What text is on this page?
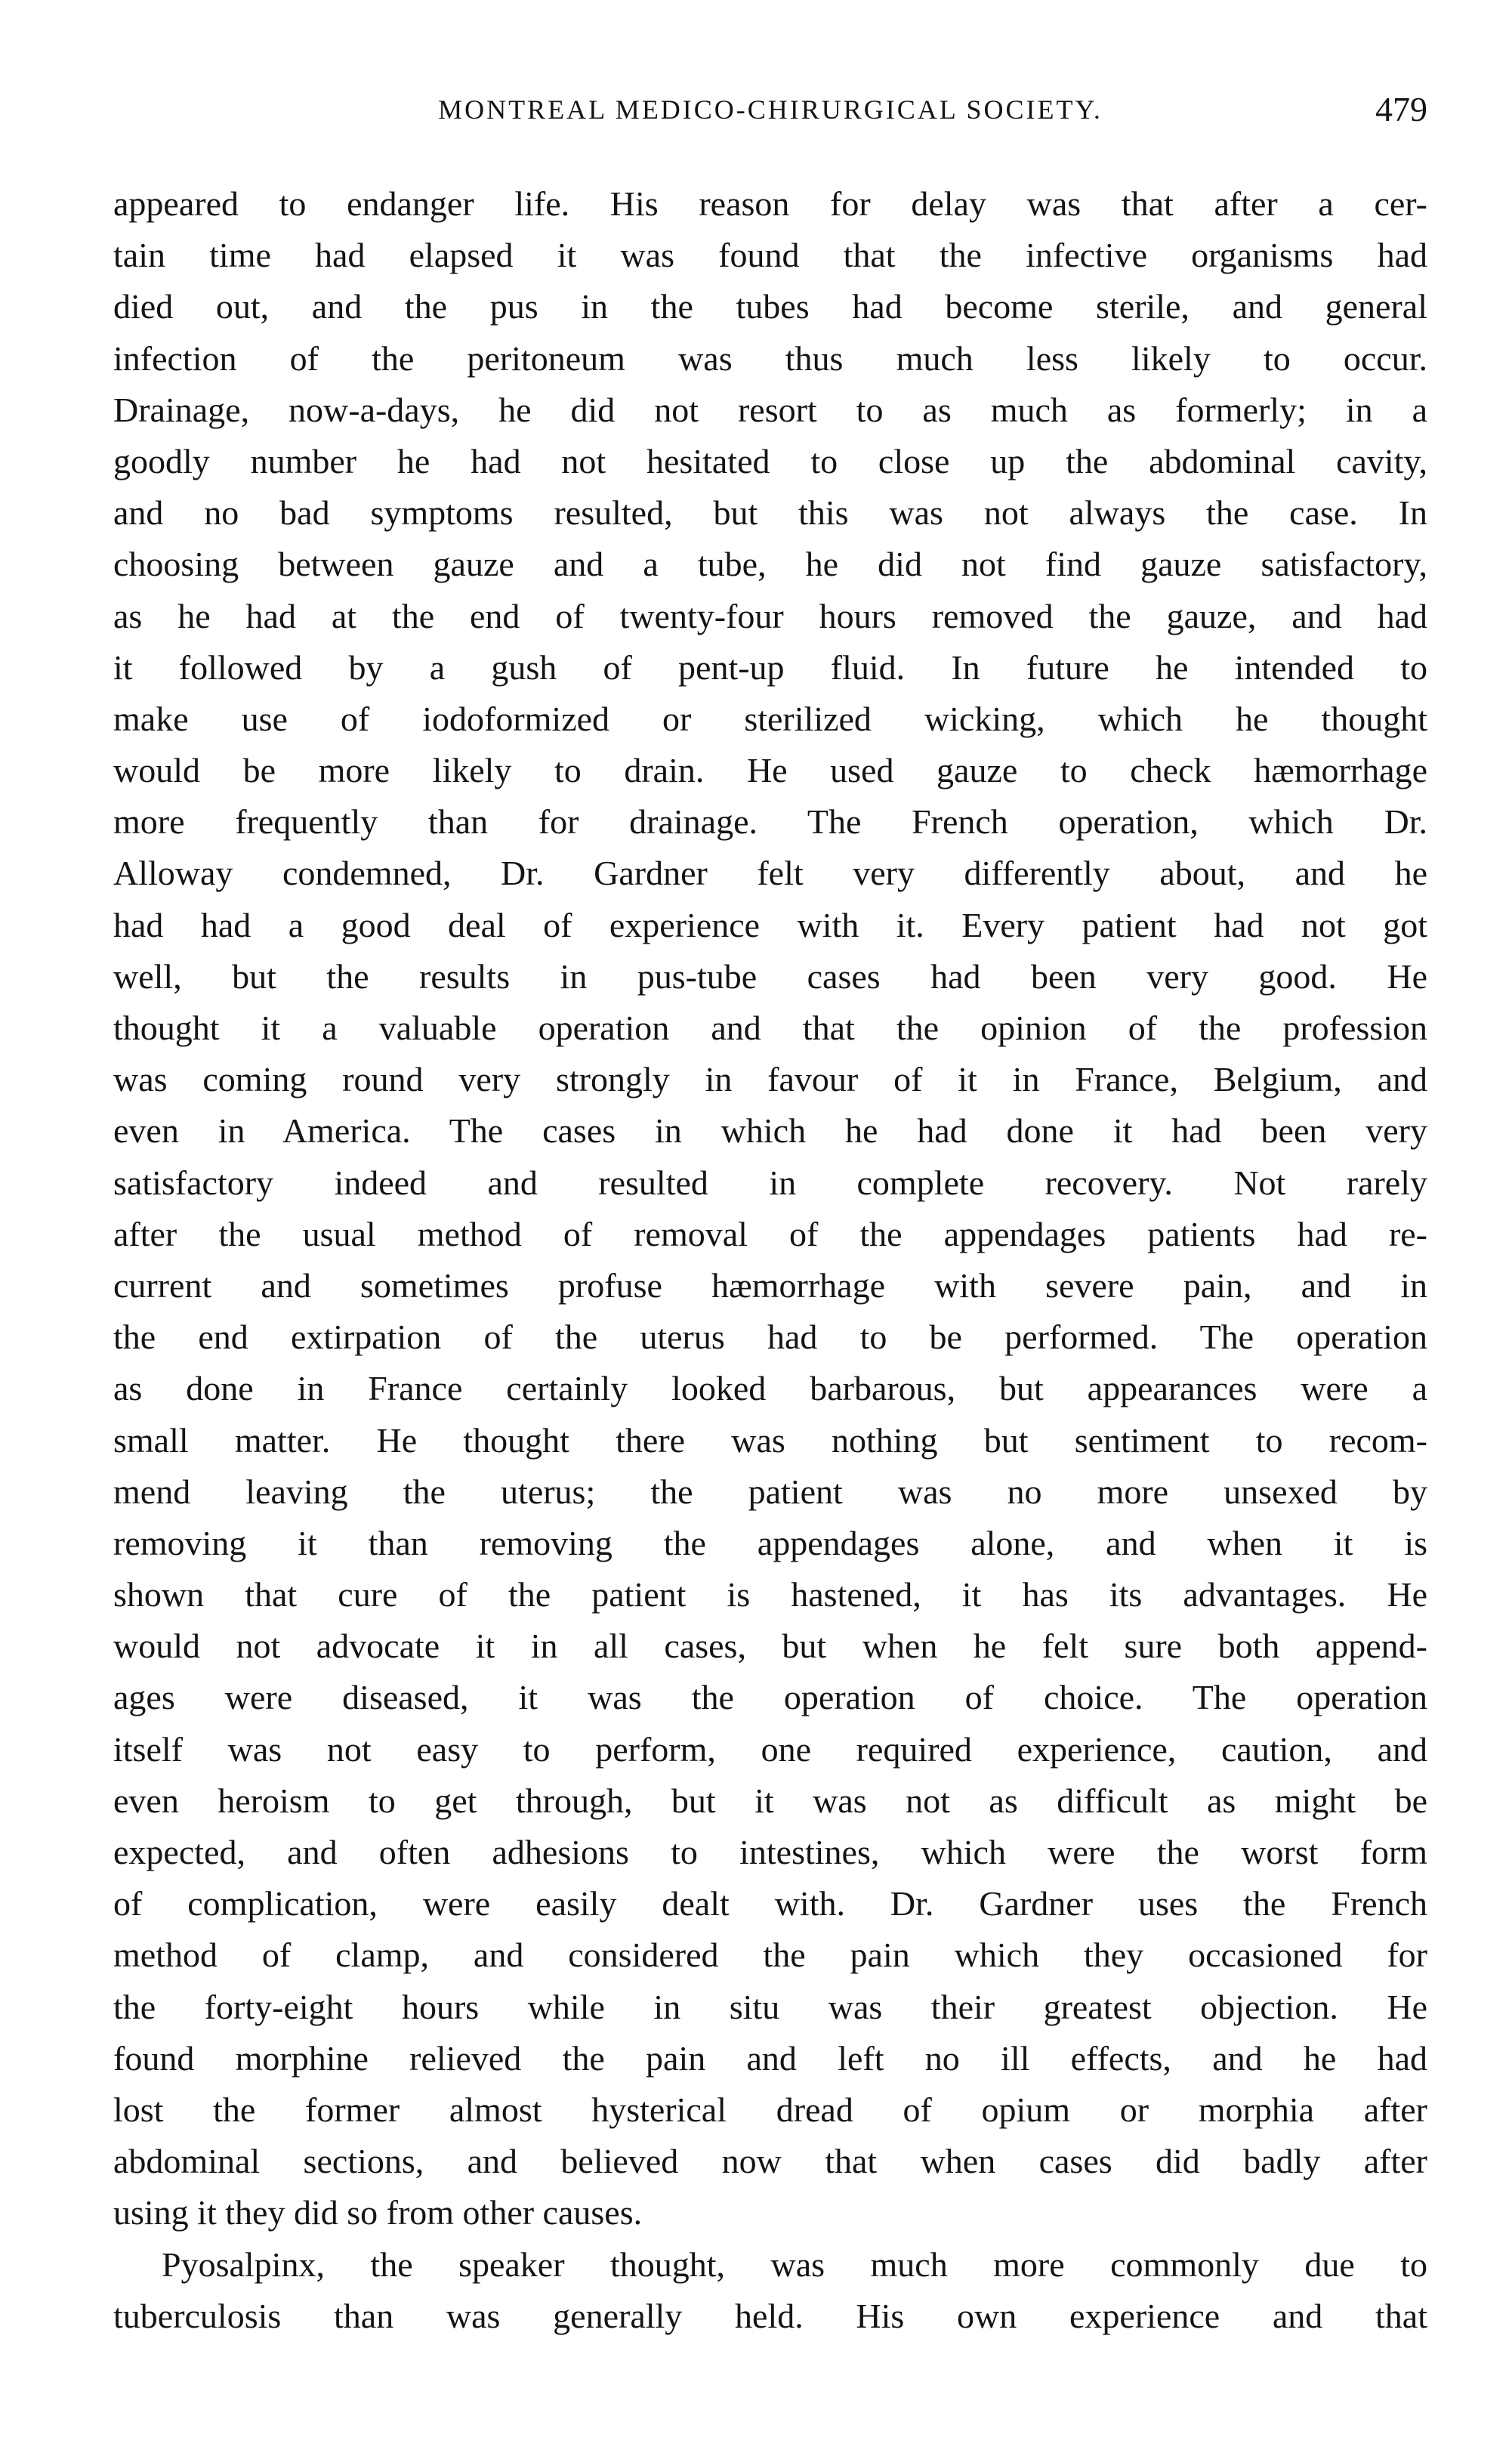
MONTREAL MEDICO-CHIRURGICAL SOCIETY.	479
appeared to endanger life. His reason for delay was that after a cer-
tain time had elapsed it was found that the infective organisms had
died out, and the pus in the tubes had become sterile, and general
infection of the peritoneum was thus much less likely to occur.
Drainage, now-a-days, he did not resort to as much as formerly; in a
goodly number he had not hesitated to close up the abdominal cavity,
and no bad symptoms resulted, but this was not always the case. In
choosing between gauze and a tube, he did not find gauze satisfactory,
as he had at the end of twenty-four hours removed the gauze, and had
it followed by a gush of pent-up fluid. In future he intended to
make use of iodoformized or sterilized wicking, which he thought
would be more likely to drain. He used gauze to check hæmorrhage
more frequently than for drainage. The French operation, which Dr.
Alloway condemned, Dr. Gardner felt very differently about, and he
had had a good deal of experience with it. Every patient had not got
well, but the results in pus-tube cases had been very good. He
thought it a valuable operation and that the opinion of the profession
was coming round very strongly in favour of it in France, Belgium, and
even in America. The cases in which he had done it had been very
satisfactory indeed and resulted in complete recovery. Not rarely
after the usual method of removal of the appendages patients had re-
current and sometimes profuse hæmorrhage with severe pain, and in
the end extirpation of the uterus had to be performed. The operation
as done in France certainly looked barbarous, but appearances were a
small matter. He thought there was nothing but sentiment to recom-
mend leaving the uterus; the patient was no more unsexed by
removing it than removing the appendages alone, and when it is
shown that cure of the patient is hastened, it has its advantages. He
would not advocate it in all cases, but when he felt sure both append-
ages were diseased, it was the operation of choice. The operation
itself was not easy to perform, one required experience, caution, and
even heroism to get through, but it was not as difficult as might be
expected, and often adhesions to intestines, which were the worst form
of complication, were easily dealt with. Dr. Gardner uses the French
method of clamp, and considered the pain which they occasioned for
the forty-eight hours while in situ was their greatest objection. He
found morphine relieved the pain and left no ill effects, and he had
lost the former almost hysterical dread of opium or morphia after
abdominal sections, and believed now that when cases did badly after
using it they did so from other causes.
Pyosalpinx, the speaker thought, was much more commonly due to
tuberculosis than was generally held. His own experience and that
